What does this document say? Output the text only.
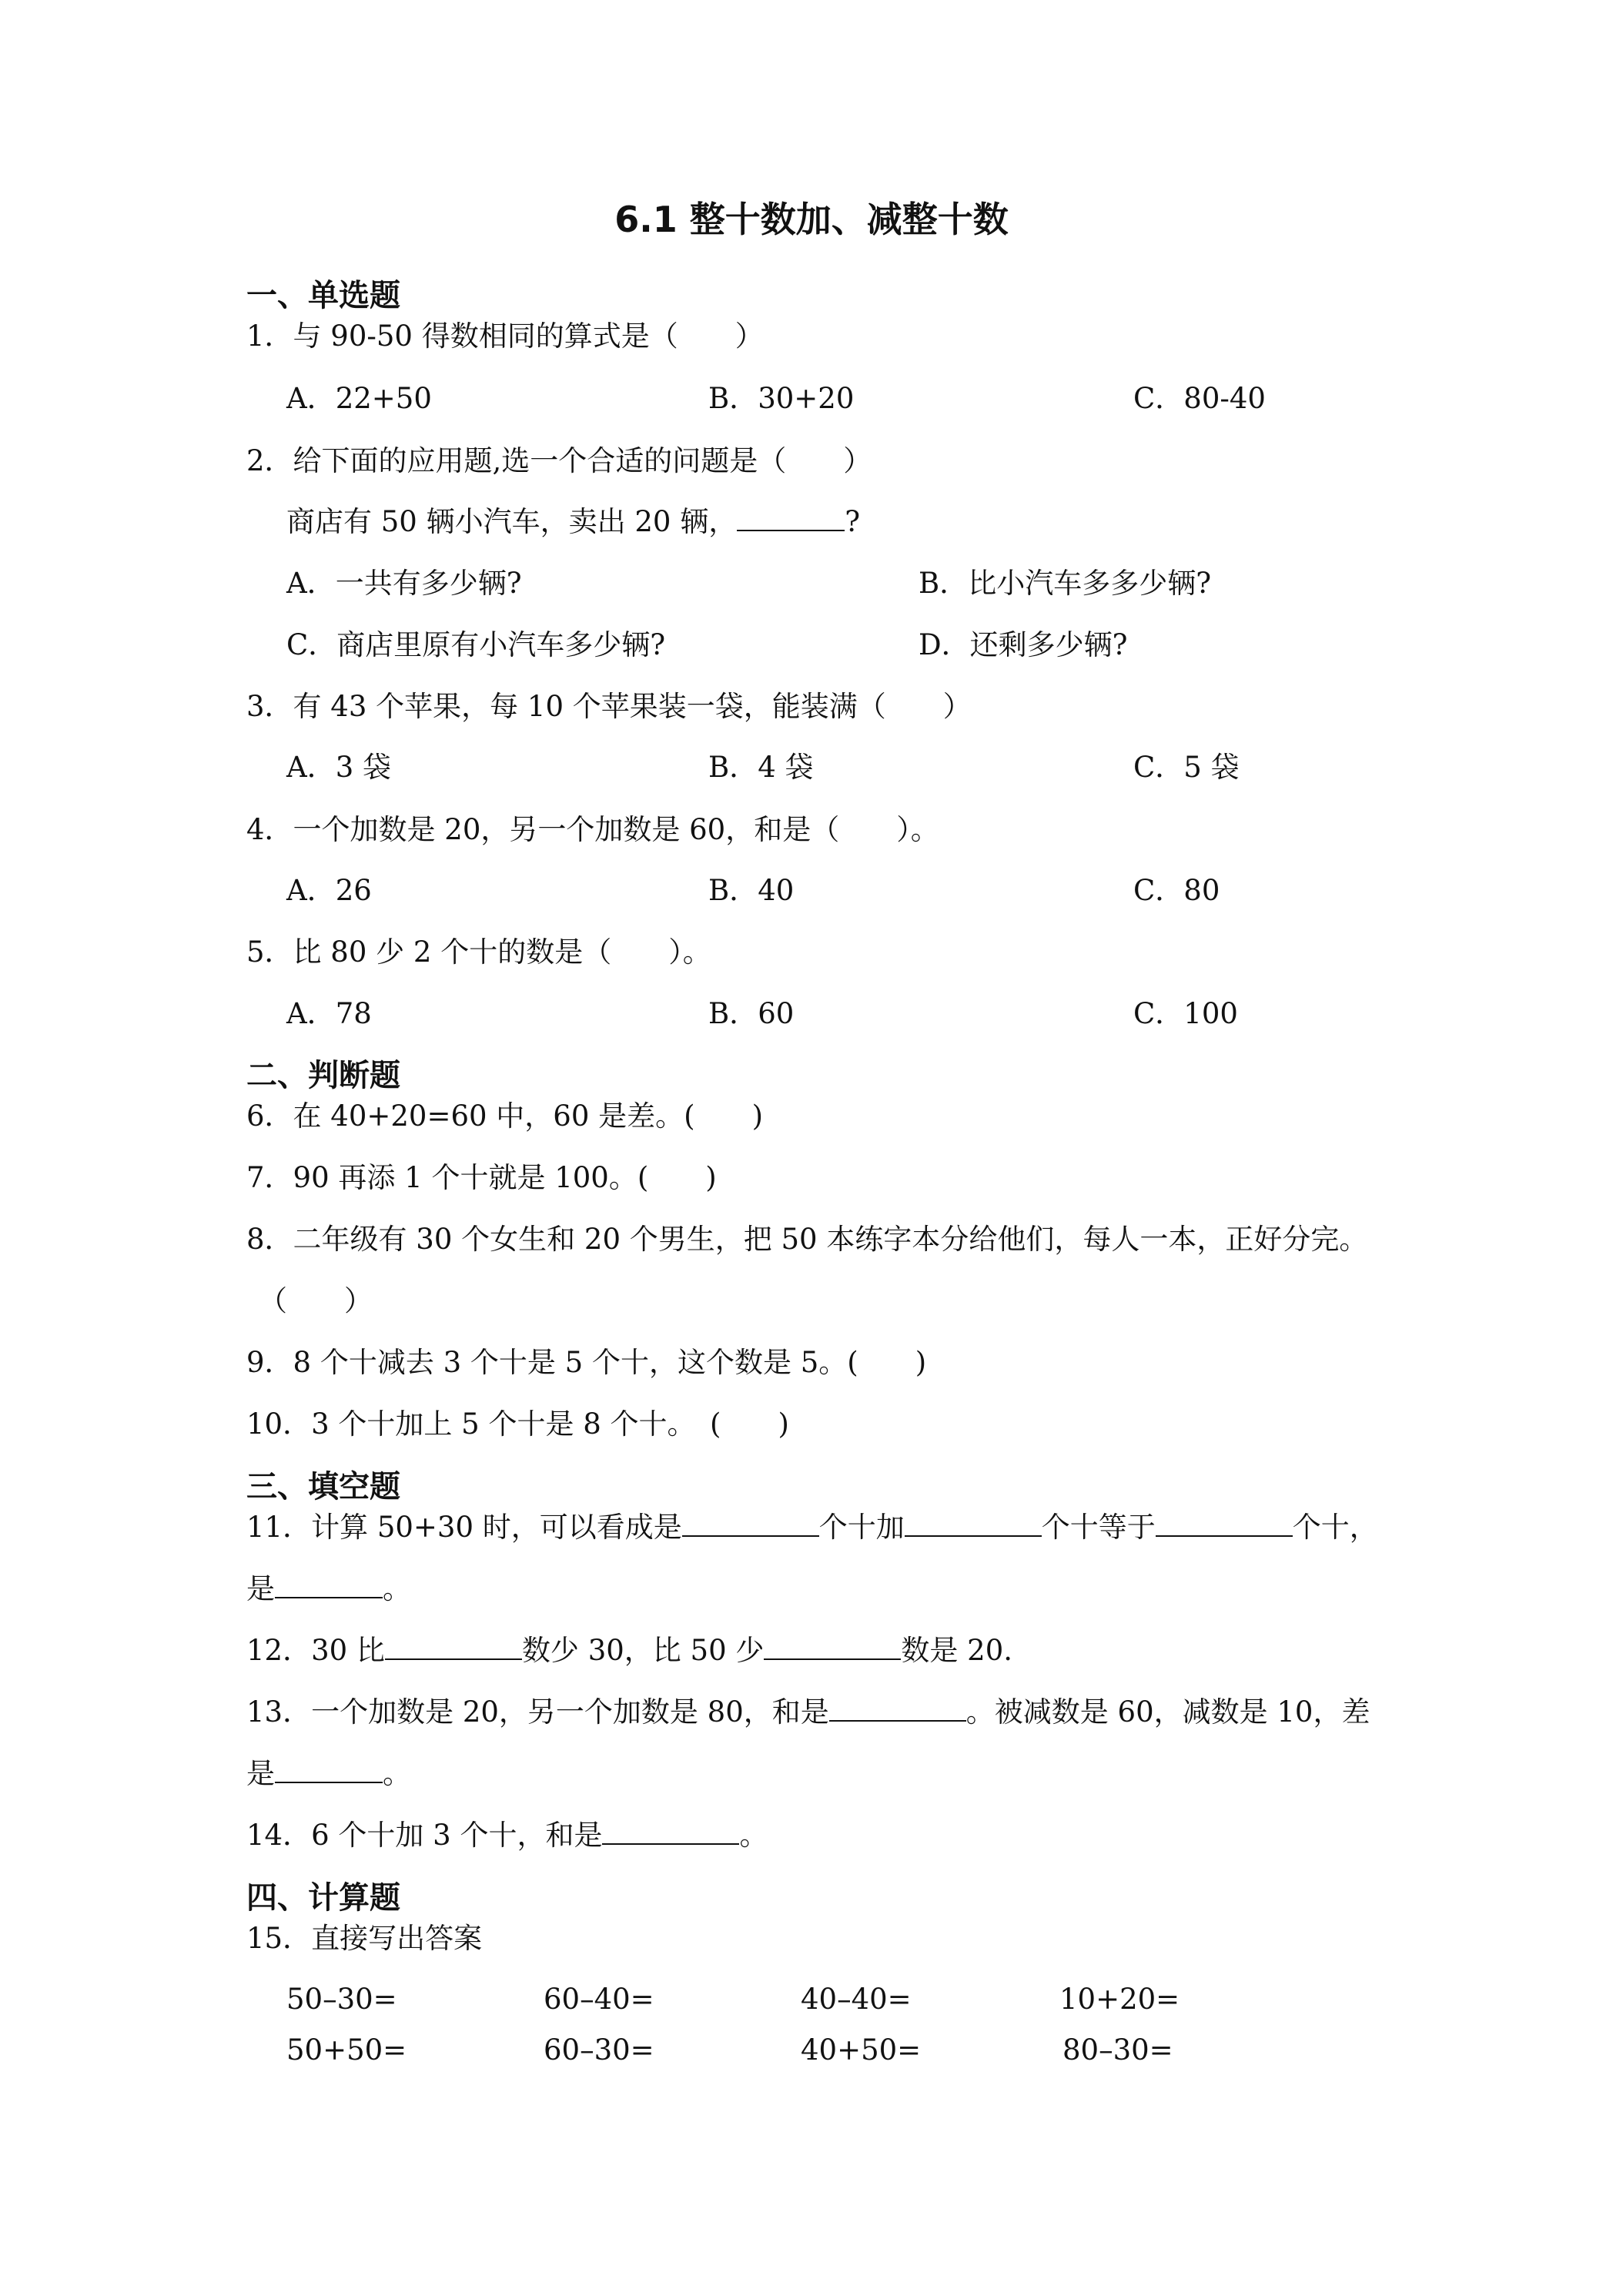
6.1 整十数加、减整十数
一、单选题
1．与 90-50 得数相同的算式是（　　）
A．22+50	B．30+20	C．80-40
2．给下面的应用题,选一个合适的问题是（　　）
商店有 50 辆小汽车，卖出 20 辆，	?
A．一共有多少辆?	B．比小汽车多多少辆?
C．商店里原有小汽车多少辆?	D．还剩多少辆?
3．有 43 个苹果，每 10 个苹果装一袋，能装满（　　）
A．3 袋	B．4 袋	C．5 袋
4．一个加数是 20，另一个加数是 60，和是（　　）。
A．26	B．40	C．80
5．比 80 少 2 个十的数是（　　）。
A．78	B．60	C．100
二、判断题
6．在 40+20=60 中，60 是差。(　　)
7．90 再添 1 个十就是 100。(　　)
8．二年级有 30 个女生和 20 个男生，把 50 本练字本分给他们，每人一本，正好分完。
（　　）
9．8 个十减去 3 个十是 5 个十，这个数是 5。(　　)
10．3 个十加上 5 个十是 8 个十。　(　　)
三、填空题
11．计算 50+30 时，可以看成是	个十加	个十等于	个十，
是	。
12．30 比	数少 30，比 50 少	数是 20.
13．一个加数是 20，另一个加数是 80，和是	。被减数是 60，减数是 10，差
是	。
14．6 个十加 3 个十，和是	。
四、计算题
15．直接写出答案
50–30=	60–40=	40–40=	10+20=
50+50=	60–30=	40+50=	80–30=
